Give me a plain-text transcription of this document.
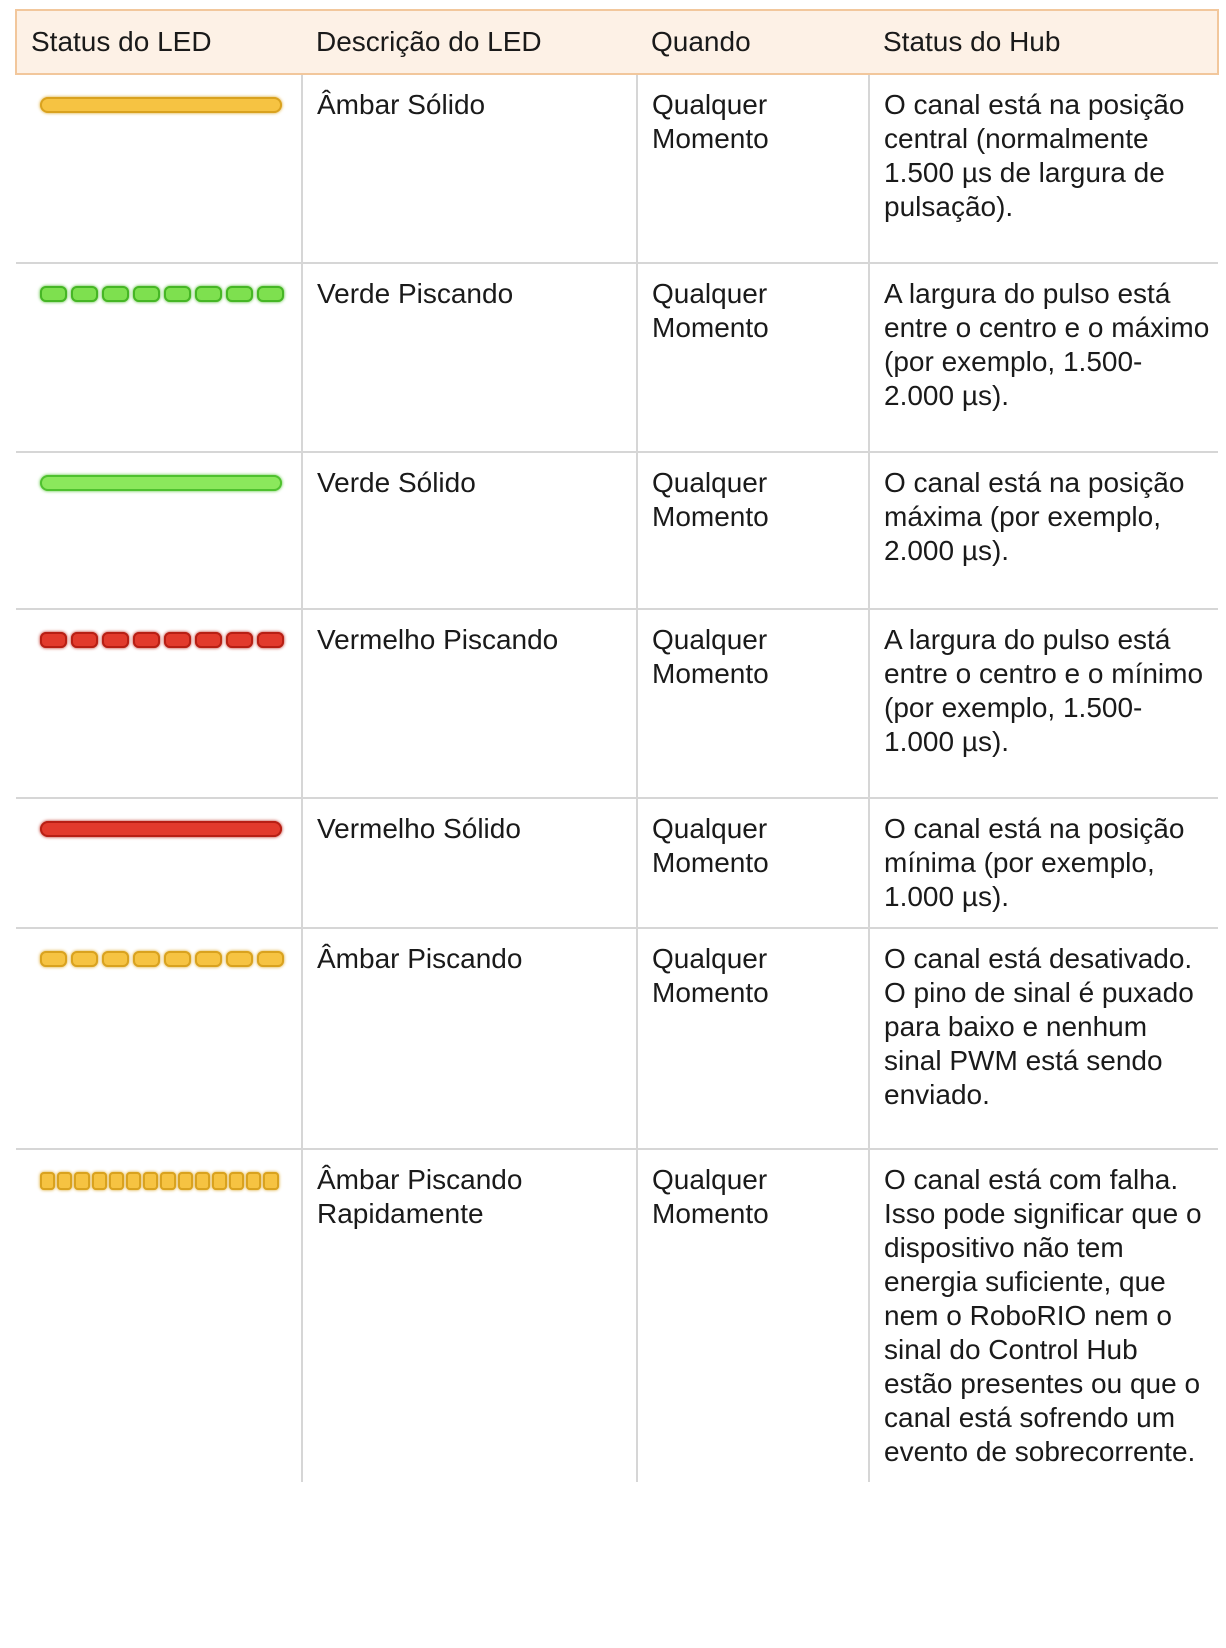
Status do LED	Descrição do LED	Quando	Status do Hub

	Âmbar Sólido	Qualquer Momento	O canal está na posição central (normalmente 1.500 µs de largura de pulsação).

	Verde Piscando	Qualquer Momento	A largura do pulso está entre o centro e o máximo (por exemplo, 1.500-2.000 µs).

	Verde Sólido	Qualquer Momento	O canal está na posição máxima (por exemplo, 2.000 µs).

	Vermelho Piscando	Qualquer Momento	A largura do pulso está entre o centro e o mínimo (por exemplo, 1.500-1.000 µs).

	Vermelho Sólido	Qualquer Momento	O canal está na posição mínima (por exemplo, 1.000 µs).

	Âmbar Piscando	Qualquer Momento	O canal está desativado. O pino de sinal é puxado para baixo e nenhum sinal PWM está sendo enviado.

	Âmbar Piscando Rapidamente	Qualquer Momento	O canal está com falha. Isso pode significar que o dispositivo não tem energia suficiente, que nem o RoboRIO nem o sinal do Control Hub estão presentes ou que o canal está sofrendo um evento de sobrecorrente.
